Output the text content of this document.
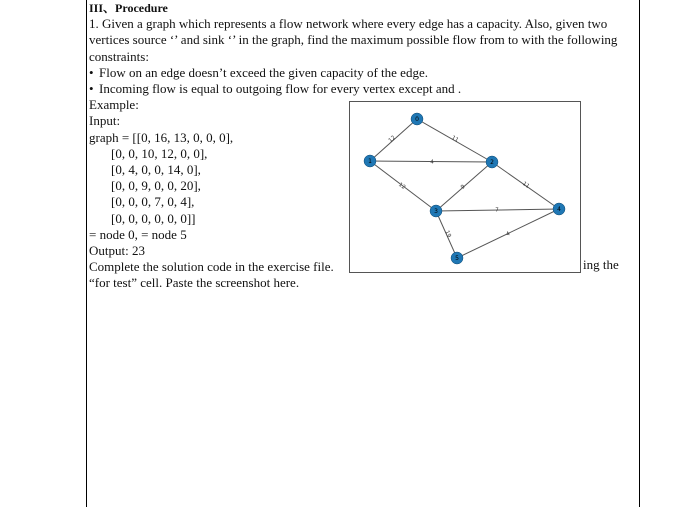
III、Procedure
1. Given a graph which represents a flow network where every edge has a capacity. Also, given two
vertices source ‘’ and sink ‘’ in the graph, find the maximum possible flow from to with the following
constraints:
• Flow on an edge doesn’t exceed the given capacity of the edge.
• Incoming flow is equal to outgoing flow for every vertex except and .
Example:
Input:
graph = [[0, 16, 13, 0, 0, 0],
[0, 0, 10, 12, 0, 0],
[0, 4, 0, 0, 14, 0],
[0, 0, 9, 0, 0, 20],
[0, 0, 0, 7, 0, 4],
[0, 0, 0, 0, 0, 0]]
= node 0, = node 5
Output: 23
Complete the solution code in the exercise file.
“for test” cell. Paste the screenshot here.
ing the
12	11
4
12	9	11
7
19	4
0
1	2
3	4
5
